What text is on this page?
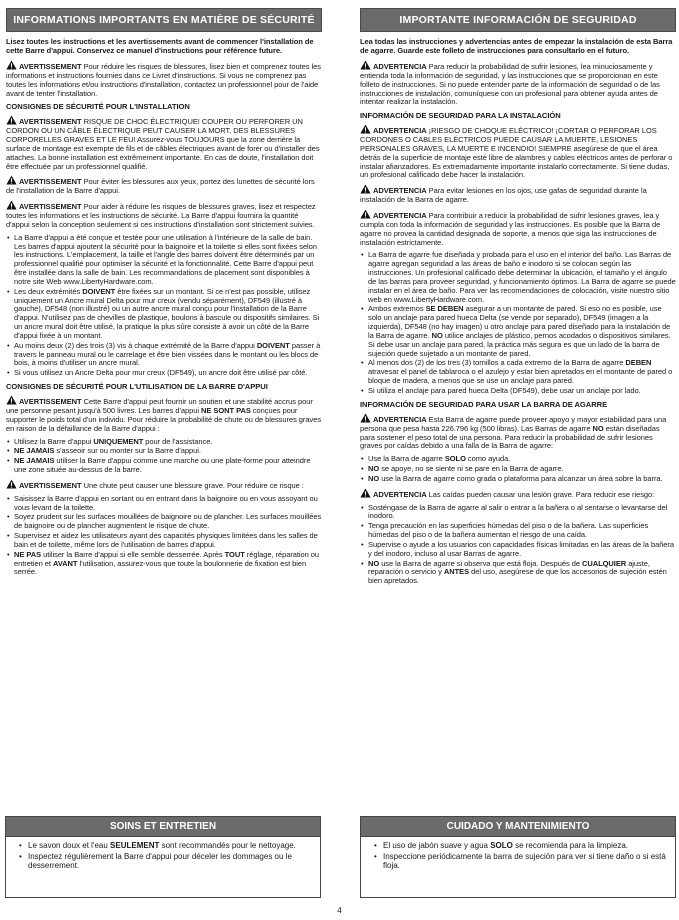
INFORMATIONS IMPORTANTS EN MATIÈRE DE SÉCURITÉ

Lisez toutes les instructions et les avertissements avant de commencer l'installation de cette Barre d'appui. Conservez ce manuel d'instructions pour référence future.

AVERTISSEMENT Pour réduire les risques de blessures, lisez bien et comprenez toutes les informations et instructions fournies dans ce Livret d'instructions. Si vous ne comprenez pas toutes les informations et/ou instructions d'installation, contactez un professionnel pour de l'aide avant de tenter l'installation.

CONSIGNES DE SÉCURITÉ POUR L'INSTALLATION

AVERTISSEMENT RISQUE DE CHOC ÉLECTRIQUE! COUPER OU PERFORER UN CORDON OU UN CÂBLE ÉLECTRIQUE PEUT CAUSER LA MORT, DES BLESSURES CORPORELLES GRAVES ET LE FEU! Assurez-vous TOUJOURS que la zone derrière la surface de montage est exempte de fils et de câbles électriques avant de forer ou d'installer des attaches. La bonne installation est extrêmement importante. En cas de doute, l'installation doit être effectuée par un professionnel qualifié.

AVERTISSEMENT Pour éviter les blessures aux yeux, portez des lunettes de sécurité lors de l'installation de la Barre d'appui.

AVERTISSEMENT Pour aider à réduire les risques de blessures graves, lisez et respectez toutes les informations et les instructions de sécurité. La Barre d'appui fournira la quantité d'appui selon la conception seulement si ces instructions d'installation sont strictement suivies.

• La Barre d'appui a été conçue et testée pour une utilisation à l'intérieure de la salle de bain. Les barres d'appui ajoutent la sécurité pour la baignoire et la toilette si elles sont fixées selon les instructions. L'emplacement, la taille et l'angle des barres doivent être déterminés par un professionnel qualifié pour optimiser la sécurité et la fonctionnalité. Cette Barre d'appui peut être installée dans la salle de bain. Les recommandations de placement sont disponibles à notre site Web www.LibertyHardware.com.
• Les deux extrémités DOIVENT être fixées sur un montant. Si ce n'est pas possible, utilisez uniquement un Ancre mural Delta pour mur creux (vendu séparément), DF549 (illustré à gauche), DF548 (non illustré) ou un autre ancre mural conçu pour l'installation de la Barre d'appui. N'utilisez pas de chevilles de plastique, boulons à bascule ou dispositifs similaires. Si un ancre mural doit être utilisé, la pratique la plus sûre consiste à avoir un côté de la Barre d'appui fixée à un montant.
• Au moins deux (2) des trois (3) vis à chaque extrémité de la Barre d'appui DOIVENT passer à travers le panneau mural ou le carrelage et être bien vissées dans le montant ou les blocs de bois, à moins d'utiliser un ancre mural.
• Si vous utilisez un Ancre Delta pour mur creux (DF549), un ancre doit être utilisé par côté.
CONSIGNES DE SÉCURITÉ POUR L'UTILISATION DE LA BARRE D'APPUI

AVERTISSEMENT Cette Barre d'appui peut fournir un soutien et une stabilité accrus pour une personne pesant jusqu'à 500 livres. Les barres d'appui NE SONT PAS conçues pour supporter le poids total d'un individu. Pour réduire la probabilité de chute ou de blessures graves en raison de la défaillance de la Barre d'appui :

• Utilisez la Barre d'appui UNIQUEMENT pour de l'assistance.
• NE JAMAIS s'asseoir sur ou monter sur la Barre d'appui.
• NE JAMAIS utiliser la Barre d'appui comme une marche ou une plate-forme pour atteindre une zone située au-dessus de la barre.

AVERTISSEMENT Une chute peut causer une blessure grave. Pour réduire ce risque :

• Saisissez la Barre d'appui en sortant ou en entrant dans la baignoire ou en vous assoyant ou vous levant de la toilette.
• Soyez prudent sur les surfaces mouillées de baignoire ou de plancher. Les surfaces mouillées de baignoire ou de plancher augmentent le risque de chute.
• Supervisez et aidez les utilisateurs ayant des capacités physiques limitées dans les salles de bain et de toilette, même lors de l'utilisation de barres d'appui.
• NE PAS utiliser la Barre d'appui si elle semble desserrée. Après TOUT réglage, réparation ou entretien et AVANT l'utilisation, assurez-vous que toute la boulonnerie de fixation est bien serrée.
IMPORTANTE INFORMACIÓN DE SEGURIDAD

Lea todas las instrucciones y advertencias antes de empezar la instalación de esta Barra de agarre. Guarde este folleto de instrucciones para consultarlo en el futuro.

ADVERTENCIA Para reducir la probabilidad de sufrir lesiones, lea minuciosamente y entienda toda la información de seguridad, y las instrucciones que se proporcionan en este folleto de instrucciones. Si no puede entender parte de la información de seguridad o de las instrucciones de instalación, comuníquese con un profesional para obtener ayuda antes de intentar realizar la instalación.

INFORMACIÓN DE SEGURIDAD PARA LA INSTALACIÓN

ADVERTENCIA ¡RIESGO DE CHOQUE ELÉCTRICO! ¡CORTAR O PERFORAR LOS CORDONES O CABLES ELÉCTRICOS PUEDE CAUSAR LA MUERTE, LESIONES PERSONALES GRAVES, LA MUERTE E INCENDIO! SIEMPRE asegúrese de que el área detrás de la superficie de montaje esté libre de alambres y cables eléctricos antes de perforar o instalar afianzadores. Es extremadamente importante instalarlo correctamente. Si tiene dudas, un profesional calificado debe hacer la instalación.

ADVERTENCIA Para evitar lesiones en los ojos, use gafas de seguridad durante la instalación de la Barra de agarre.

ADVERTENCIA Para contribuir a reducir la probabilidad de sufrir lesiones graves, lea y cumpla con toda la información de seguridad y las instrucciones. Es posible que la Barra de agarre no provea la cantidad designada de soporte, a menos que siga las instrucciones de instalación estrictamente.

• La Barra de agarre fue diseñada y probada para el uso en el interior del baño. Las Barras de agarre agregan seguridad a las áreas de baño e inodoro si se colocan según las instrucciones. Un profesional calificado debe determinar la ubicación, el tamaño y el ángulo de las barras para proveer seguridad, y funcionamiento óptimos. La Barra de agarre se puede instalar en el área de baño. Para ver las recomendaciones de colocación, visite nuestro sitio web en www.LibertyHardware.com.
• Ambos extremos SE DEBEN asegurar a un montante de pared. Si eso no es posible, use solo un anclaje para pared hueca Delta (se vende por separado), DF549 (imagen a la izquierda), DF548 (no hay imagen) u otro anclaje para pared diseñado para la instalación de la Barra de agarre. NO utilice anclajes de plástico, pernos acodados o dispositivos similares. Si debe usar un anclaje para pared, la práctica más segura es que un lado de la barra de sujeción quede sujetado a un montante de pared.
• Al menos dos (2) de los tres (3) tornillos a cada extremo de la Barra de agarre DEBEN atravesar el panel de tablaroca o el azulejo y estar bien apretados en el montante de pared o bloque de madera, a menos que se use un anclaje para pared.
• Si utiliza el anclaje para pared hueca Delta (DF549), debe usar un anclaje por lado.
INFORMACIÓN DE SEGURIDAD PARA USAR LA BARRA DE AGARRE

ADVERTENCIA Esta Barra de agarre puede proveer apoyo y mayor estabilidad para una persona que pesa hasta 226.796 kg (500 libras). Las Barras de agarre NO están diseñadas para sostener el peso total de una persona. Para reducir la probabilidad de sufrir lesiones graves por caídas debido a una falla de la Barra de agarre:

• Use la Barra de agarre SOLO como ayuda.
• NO se apoye, no se siente ni se pare en la Barra de agarre.
• NO use la Barra de agarre como grada o plataforma para alcanzar un área sobre la barra.

ADVERTENCIA Las caídas pueden causar una lesión grave. Para reducir ese riesgo:

• Sosténgase de la Barra de agarre al salir o entrar a la bañera o al sentarse o levantarse del inodoro.
• Tenga precaución en las superficies húmedas del piso o de la bañera. Las superficies húmedas del piso o de la bañera aumentan el riesgo de una caída.
• Supervise o ayude a los usuarios con capacidades físicas limitadas en las áreas de la bañera y del inodoro, incluso al usar Barras de agarre.
• NO use la Barra de agarre si observa que está floja. Después de CUALQUIER ajuste, reparación o servicio y ANTES del uso, asegúrese de que los accesorios de sujeción estén bien apretados.
SOINS ET ENTRETIEN
• Le savon doux et l'eau SEULEMENT sont recommandés pour le nettoyage.
• Inspectez régulièrement la Barre d'appui pour déceler les dommages ou le desserrement.
CUIDADO Y MANTENIMIENTO
• El uso de jabón suave y agua SOLO se recomienda para la limpieza.
• Inspeccione periódicamente la barra de sujeción para ver si tiene daño o si está floja.
4
